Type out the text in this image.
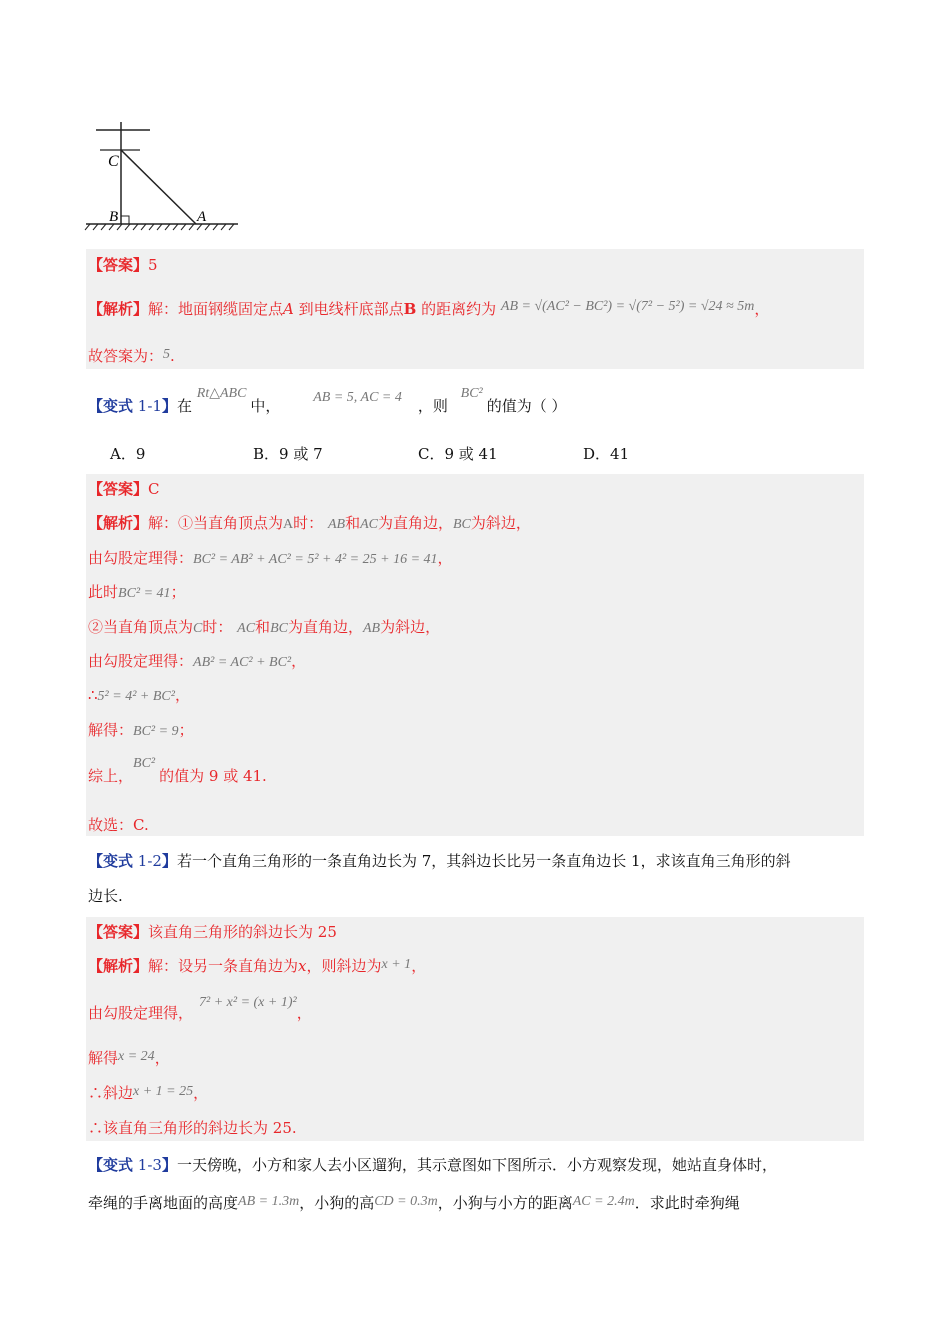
C
B	A
【答案】5
【解析】解：地面钢缆固定点A 到电线杆底部点B 的距离约为 AB = √(AC² − BC²) = √(7² − 5²) = √24 ≈ 5m，
故答案为：5.
【变式 1-1】在 Rt△ABC中， AB = 5, AC = 4 ，则 BC²的值为（ ）
A．9	B．9 或 7	C．9 或 41	D．41
【答案】C
【解析】解：①当直角顶点为A时： AB和AC为直角边，BC为斜边，
由勾股定理得：BC² = AB² + AC² = 5² + 4² = 25 + 16 = 41，
此时BC² = 41；
②当直角顶点为C时： AC和BC为直角边，AB为斜边，
由勾股定理得：AB² = AC² + BC²，
∴5² = 4² + BC²，
解得：BC² = 9；
综上，BC²的值为 9 或 41.
故选：C.
【变式 1-2】若一个直角三角形的一条直角边长为 7，其斜边长比另一条直角边长 1，求该直角三角形的斜
边长.
【答案】该直角三角形的斜边长为 25
【解析】解：设另一条直角边为x，则斜边为x + 1，
由勾股定理得，7² + x² = (x + 1)²，
解得x = 24，
∴斜边x + 1 = 25，
∴该直角三角形的斜边长为 25.
【变式 1-3】一天傍晚，小方和家人去小区遛狗，其示意图如下图所示．小方观察发现，她站直身体时，
牵绳的手离地面的高度AB = 1.3m，小狗的高CD = 0.3m，小狗与小方的距离AC = 2.4m．求此时牵狗绳
